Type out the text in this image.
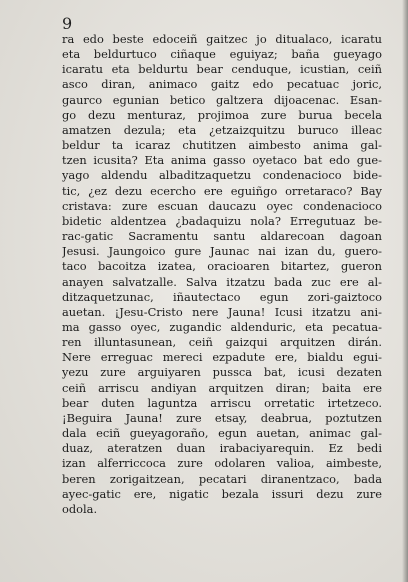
9
ra edo beste edoceiñ gaitzec jo ditualaco, icaratu
eta beldurtuco ciñaque eguiyaz; baña gueyago
icaratu eta beldurtu bear cenduque, icustian, ceiñ
asco diran, animaco gaitz edo pecatuac joric,
gaurco egunian betico galtzera dijoacenac. Esan-
go dezu menturaz, projimoa zure burua becela
amatzen dezula; eta ¿etzaizquitzu buruco illeac
beldur ta icaraz chutitzen aimbesto anima gal-
tzen icusita? Eta anima gasso oyetaco bat edo gue-
yago aldendu albaditzaquetzu condenacioco bide-
tic, ¿ez dezu ecercho ere eguiñgo orretaraco? Bay
cristava: zure escuan daucazu oyec condenacioco
bidetic aldentzea ¿badaquizu nola? Erregutuaz be-
rac-gatic Sacramentu santu aldarecoan dagoan
Jesusi. Jaungoico gure Jaunac nai izan du, guero-
taco bacoitza izatea, oracioaren bitartez, gueron
anayen salvatzalle. Salva itzatzu bada zuc ere al-
ditzaquetzunac, iñautectaco egun zori-gaiztoco
auetan. ¡Jesu-Cristo nere Jauna! Icusi itzatzu ani-
ma gasso oyec, zugandic aldenduric, eta pecatua-
ren illuntasunean, ceiñ gaizqui arquitzen dirán.
Nere erreguac mereci ezpadute ere, bialdu egui-
yezu zure arguiyaren pussca bat, icusi dezaten
ceiñ arriscu andiyan arquitzen diran; baita ere
bear duten laguntza arriscu orretatic irtetzeco.
¡Beguira Jauna! zure etsay, deabrua, poztutzen
dala eciñ gueyagoraño, egun auetan, animac gal-
duaz, ateratzen duan irabaciyarequin. Ez bedi
izan alferriccoca zure odolaren valioa, aimbeste,
beren zorigaitzean, pecatari diranentzaco, bada
ayec-gatic ere, nigatic bezala issuri dezu zure
odola.
